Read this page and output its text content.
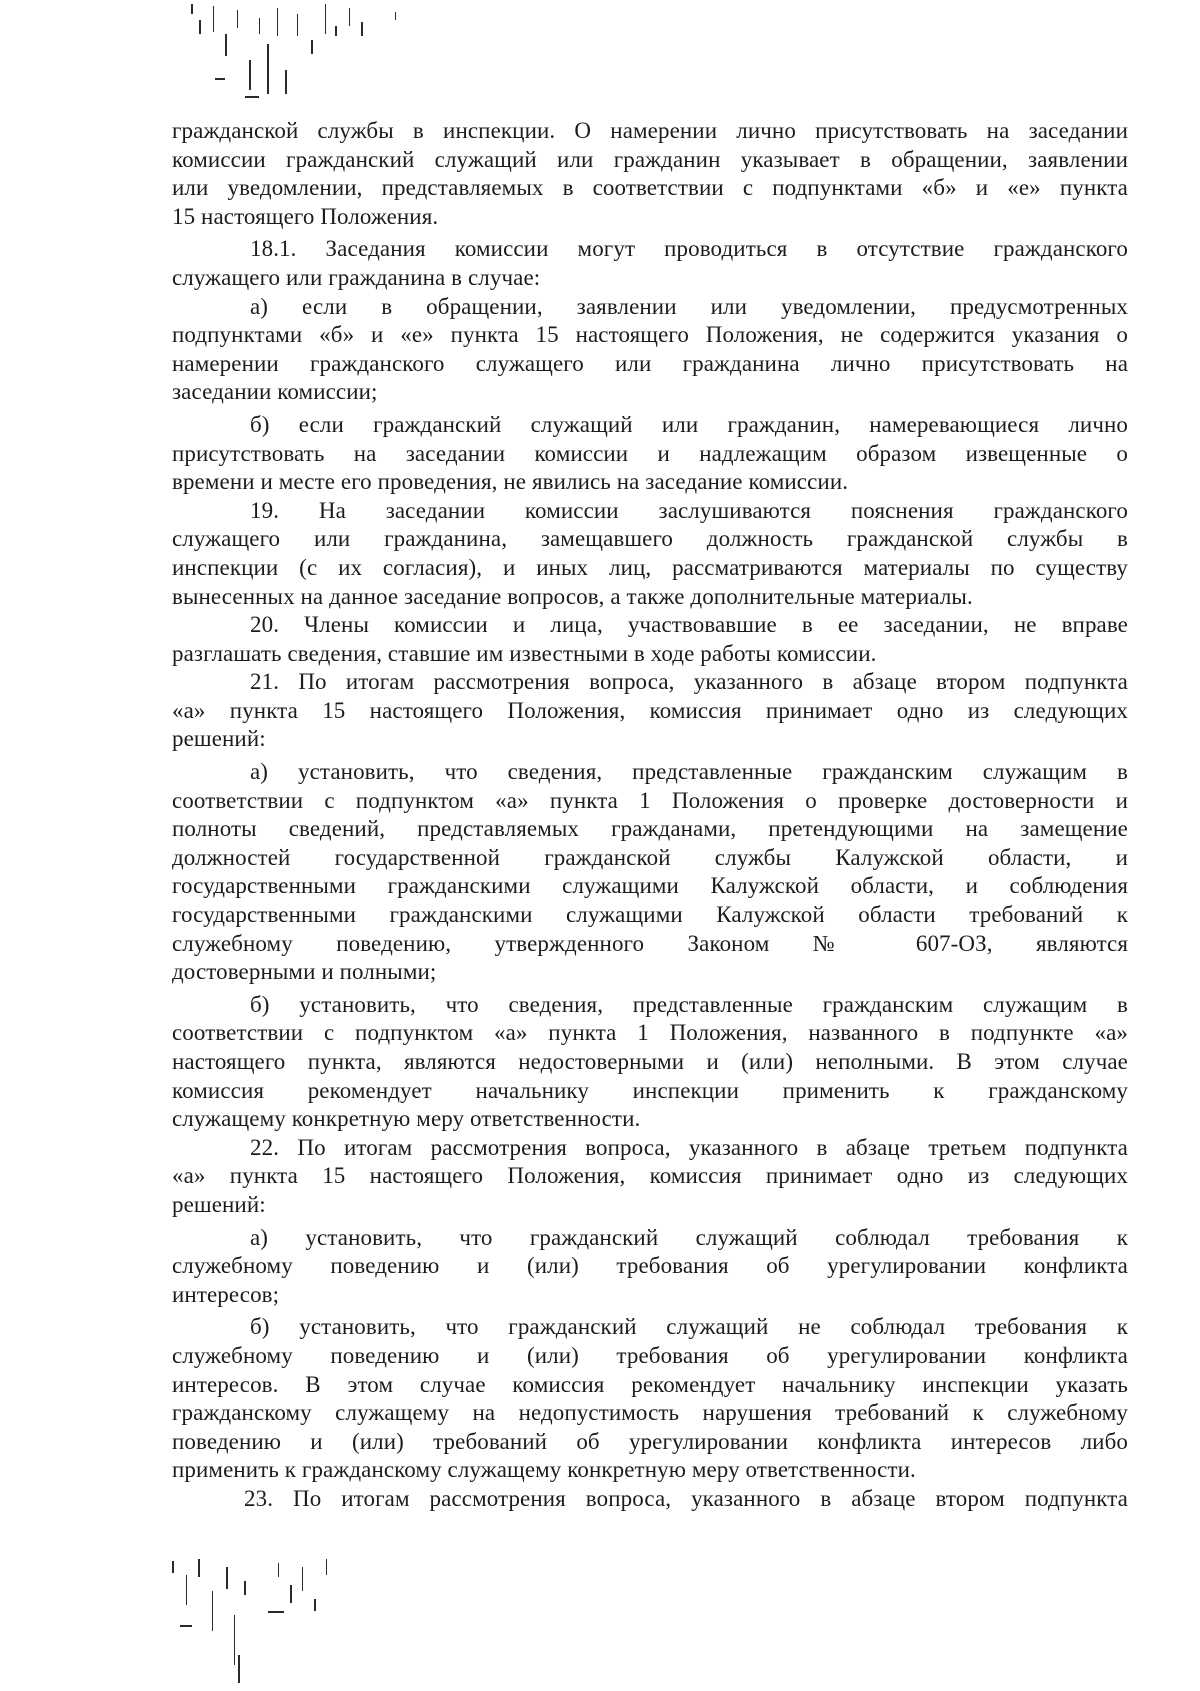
гражданской службы в инспекции. О намерении лично присутствовать на заседании
комиссии гражданский служащий или гражданин указывает в обращении, заявлении
или уведомлении, представляемых в соответствии с подпунктами «б» и «е» пункта
15 настоящего Положения.
18.1. Заседания комиссии могут проводиться в отсутствие гражданского
служащего или гражданина в случае:
а) если в обращении, заявлении или уведомлении, предусмотренных
подпунктами «б» и «е» пункта 15 настоящего Положения, не содержится указания о
намерении гражданского служащего или гражданина лично присутствовать на
заседании комиссии;
б) если гражданский служащий или гражданин, намеревающиеся лично
присутствовать на заседании комиссии и надлежащим образом извещенные о
времени и месте его проведения, не явились на заседание комиссии.
19. На заседании комиссии заслушиваются пояснения гражданского
служащего или гражданина, замещавшего должность гражданской службы в
инспекции (с их согласия), и иных лиц, рассматриваются материалы по существу
вынесенных на данное заседание вопросов, а также дополнительные материалы.
20. Члены комиссии и лица, участвовавшие в ее заседании, не вправе
разглашать сведения, ставшие им известными в ходе работы комиссии.
21. По итогам рассмотрения вопроса, указанного в абзаце втором подпункта
«а» пункта 15 настоящего Положения, комиссия принимает одно из следующих
решений:
а) установить, что сведения, представленные гражданским служащим в
соответствии с подпунктом «а» пункта 1 Положения о проверке достоверности и
полноты сведений, представляемых гражданами, претендующими на замещение
должностей государственной гражданской службы Калужской области, и
государственными гражданскими служащими Калужской области, и соблюдения
государственными гражданскими служащими Калужской области требований к
служебному поведению, утвержденного Законом № 607-ОЗ, являются
достоверными и полными;
б) установить, что сведения, представленные гражданским служащим в
соответствии с подпунктом «а» пункта 1 Положения, названного в подпункте «а»
настоящего пункта, являются недостоверными и (или) неполными. В этом случае
комиссия рекомендует начальнику инспекции применить к гражданскому
служащему конкретную меру ответственности.
22. По итогам рассмотрения вопроса, указанного в абзаце третьем подпункта
«а» пункта 15 настоящего Положения, комиссия принимает одно из следующих
решений:
а) установить, что гражданский служащий соблюдал требования к
служебному поведению и (или) требования об урегулировании конфликта
интересов;
б) установить, что гражданский служащий не соблюдал требования к
служебному поведению и (или) требования об урегулировании конфликта
интересов. В этом случае комиссия рекомендует начальнику инспекции указать
гражданскому служащему на недопустимость нарушения требований к служебному
поведению и (или) требований об урегулировании конфликта интересов либо
применить к гражданскому служащему конкретную меру ответственности.
23. По итогам рассмотрения вопроса, указанного в абзаце втором подпункта
